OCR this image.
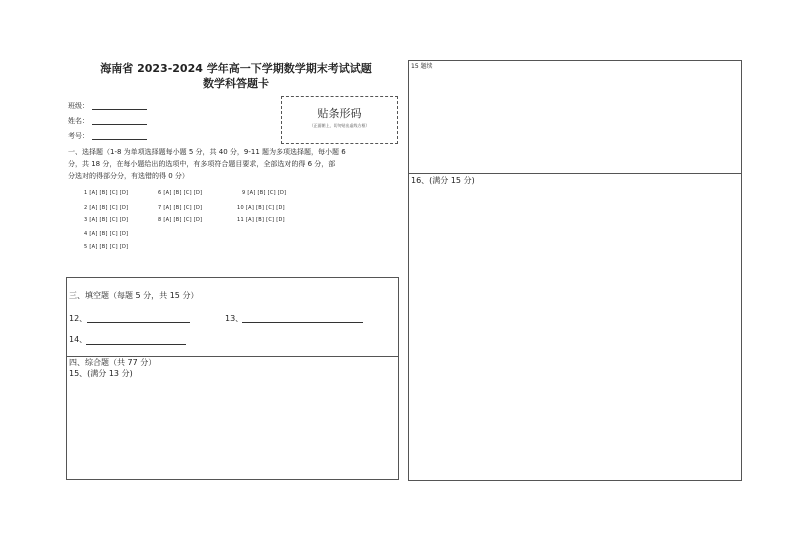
海南省 2023-2024 学年高一下学期数学期末考试试题
数学科答题卡
班级：
姓名：
考号：
贴条形码
（正面朝上，切勿贴出虚线方框）
一、选择题（1-8 为单项选择题每小题 5 分，共 40 分，9-11 题为多项选择题，每小题 6
分，共 18 分，在每小题给出的选项中，有多项符合题目要求，全部选对的得 6 分，部
分选对的得部分分，有选错的得 0 分）
1 [A] [B] [C] [D]
2 [A] [B] [C] [D]
3 [A] [B] [C] [D]
4 [A] [B] [C] [D]
5 [A] [B] [C] [D]
6 [A] [B] [C] [D]
7 [A] [B] [C] [D]
8 [A] [B] [C] [D]
9 [A] [B] [C] [D]
10 [A] [B] [C] [D]
11 [A] [B] [C] [D]
三、填空题（每题 5 分，共 15 分）
12、	13、
14、
四、综合题（共 77 分）
15、(满分 13 分)
15 题续
16、(满分 15 分)
